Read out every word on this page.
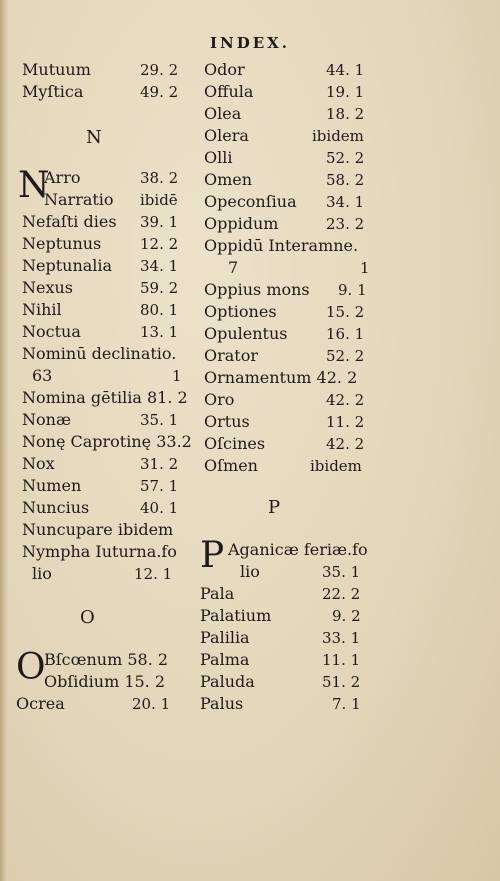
INDEX.
Mutuum	29. 2
Myſtica	49. 2
N
N
Arro	38. 2
Narratio ibidē
Nefaſti dies 39. 1
Neptunus	12. 2
Neptunalia 34. 1
Nexus	59. 2
Nihil	80. 1
Noctua	13. 1
Nominū declinatio.
63	1
Nomina gētilia 81. 2
Nonæ	35. 1
Nonę Caprotinę 33.2
Nox	31. 2
Numen	57. 1
Nuncius	40. 1
Nuncupare ibidem
Nympha Iuturna.fo
lio	12. 1
O
O
Bſcœnum 58. 2
Obſidium 15. 2
Ocrea	20. 1
Odor	44. 1
Offula	19. 1
Olea	18. 2
Olera	ibidem
Olli	52. 2
Omen	58. 2
Opeconſiua 34. 1
Oppidum	23. 2
Oppidū Interamne.
7	1
Oppius mons 9. 1
Optiones	15. 2
Opulentus	16. 1
Orator	52. 2
Ornamentum 42. 2
Oro	42. 2
Ortus	11. 2
Oſcines	42. 2
Oſmen	ibidem
P
P Aganicæ feriæ.fo
lio	35. 1
Pala	22. 2
Palatium	9. 2
Palilia	33. 1
Palma	11. 1
Paluda	51. 2
Palus	7. 1
